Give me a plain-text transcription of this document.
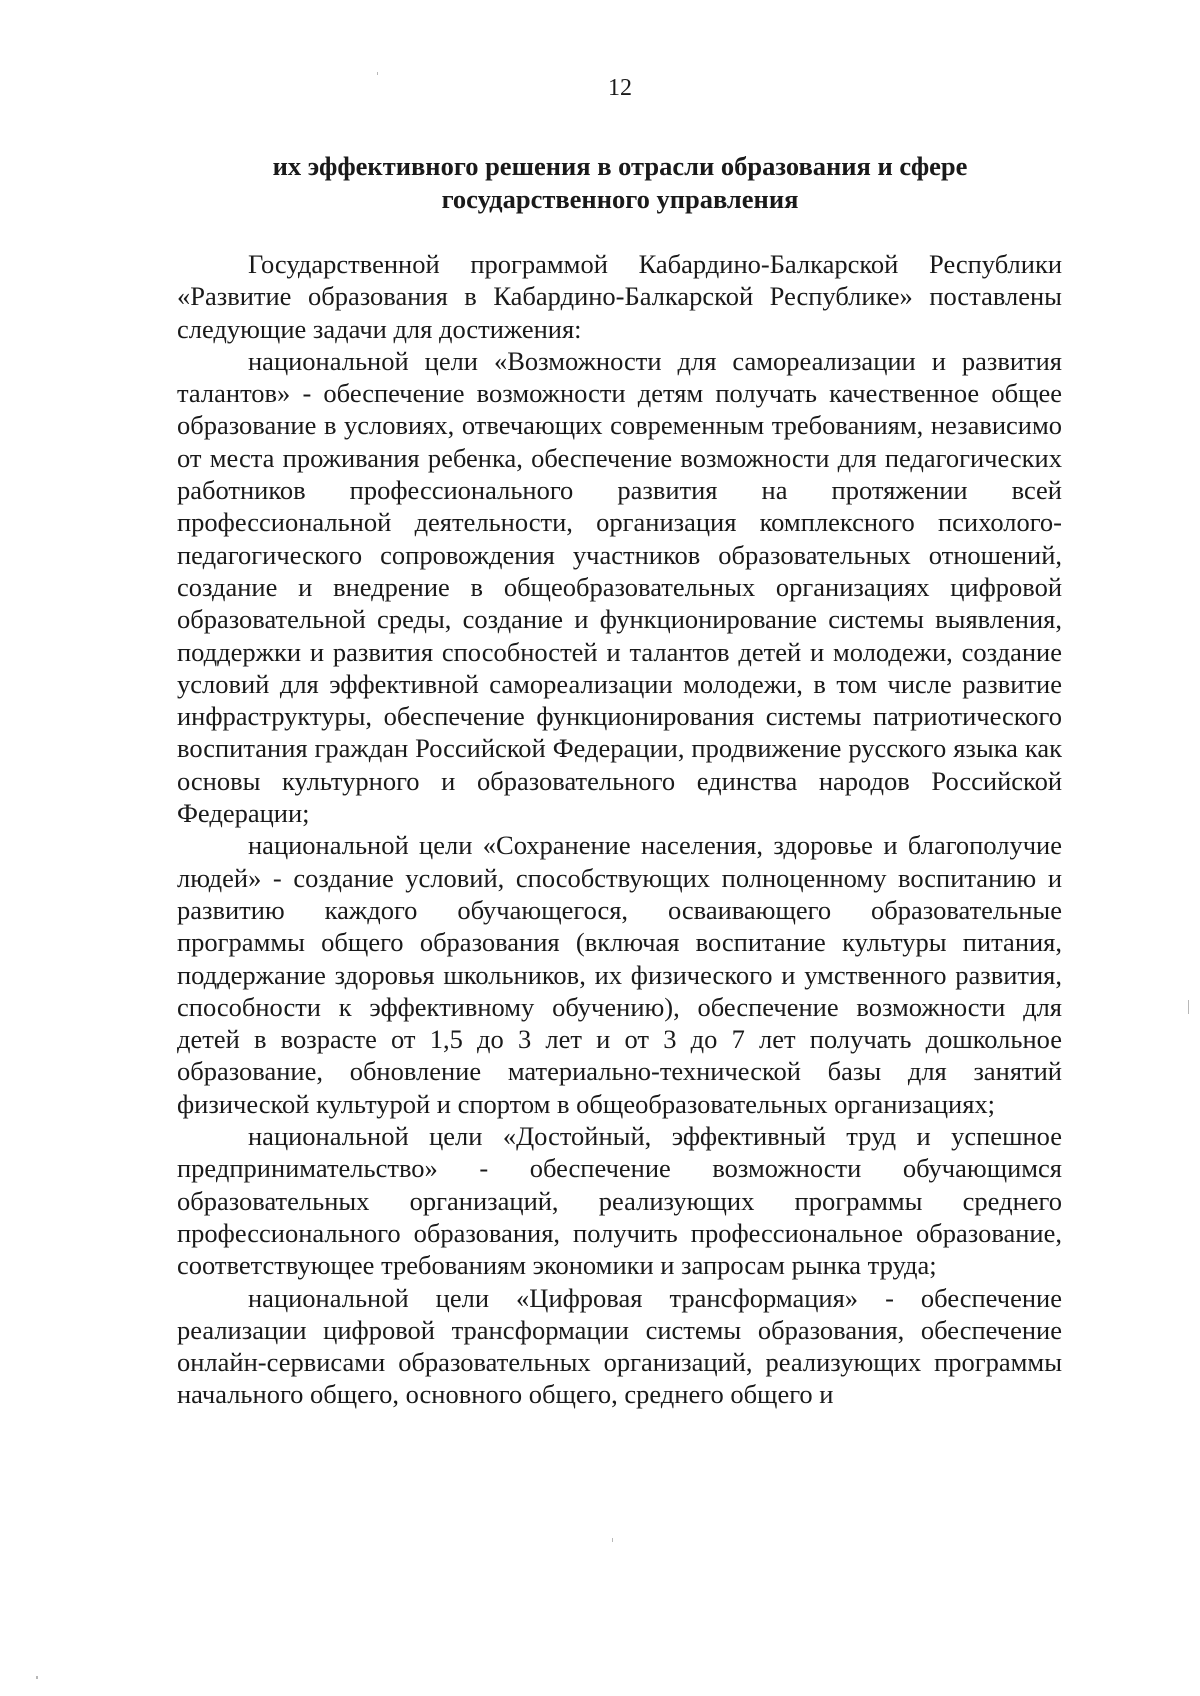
12
их эффективного решения в отрасли образования и сфере государственного управления

Государственной программой Кабардино-Балкарской Республики «Развитие образования в Кабардино-Балкарской Республике» поставлены следующие задачи для достижения:

национальной цели «Возможности для самореализации и развития талантов» - обеспечение возможности детям получать качественное общее образование в условиях, отвечающих современным требованиям, независимо от места проживания ребенка, обеспечение возможности для педагогических работников профессионального развития на протяжении всей профессиональной деятельности, организация комплексного психолого-педагогического сопровождения участников образовательных отношений, создание и внедрение в общеобразовательных организациях цифровой образовательной среды, создание и функционирование системы выявления, поддержки и развития способностей и талантов детей и молодежи, создание условий для эффективной самореализации молодежи, в том числе развитие инфраструктуры, обеспечение функционирования системы патриотического воспитания граждан Российской Федерации, продвижение русского языка как основы культурного и образовательного единства народов Российской Федерации;

национальной цели «Сохранение населения, здоровье и благополучие людей» - создание условий, способствующих полноценному воспитанию и развитию каждого обучающегося, осваивающего образовательные программы общего образования (включая воспитание культуры питания, поддержание здоровья школьников, их физического и умственного развития, способности к эффективному обучению), обеспечение возможности для детей в возрасте от 1,5 до 3 лет и от 3 до 7 лет получать дошкольное образование, обновление материально-технической базы для занятий физической культурой и спортом в общеобразовательных организациях;

национальной цели «Достойный, эффективный труд и успешное предпринимательство» - обеспечение возможности обучающимся образовательных организаций, реализующих программы среднего профессионального образования, получить профессиональное образование, соответствующее требованиям экономики и запросам рынка труда;

национальной цели «Цифровая трансформация» - обеспечение реализации цифровой трансформации системы образования, обеспечение онлайн-сервисами образовательных организаций, реализующих программы начального общего, основного общего, среднего общего и
